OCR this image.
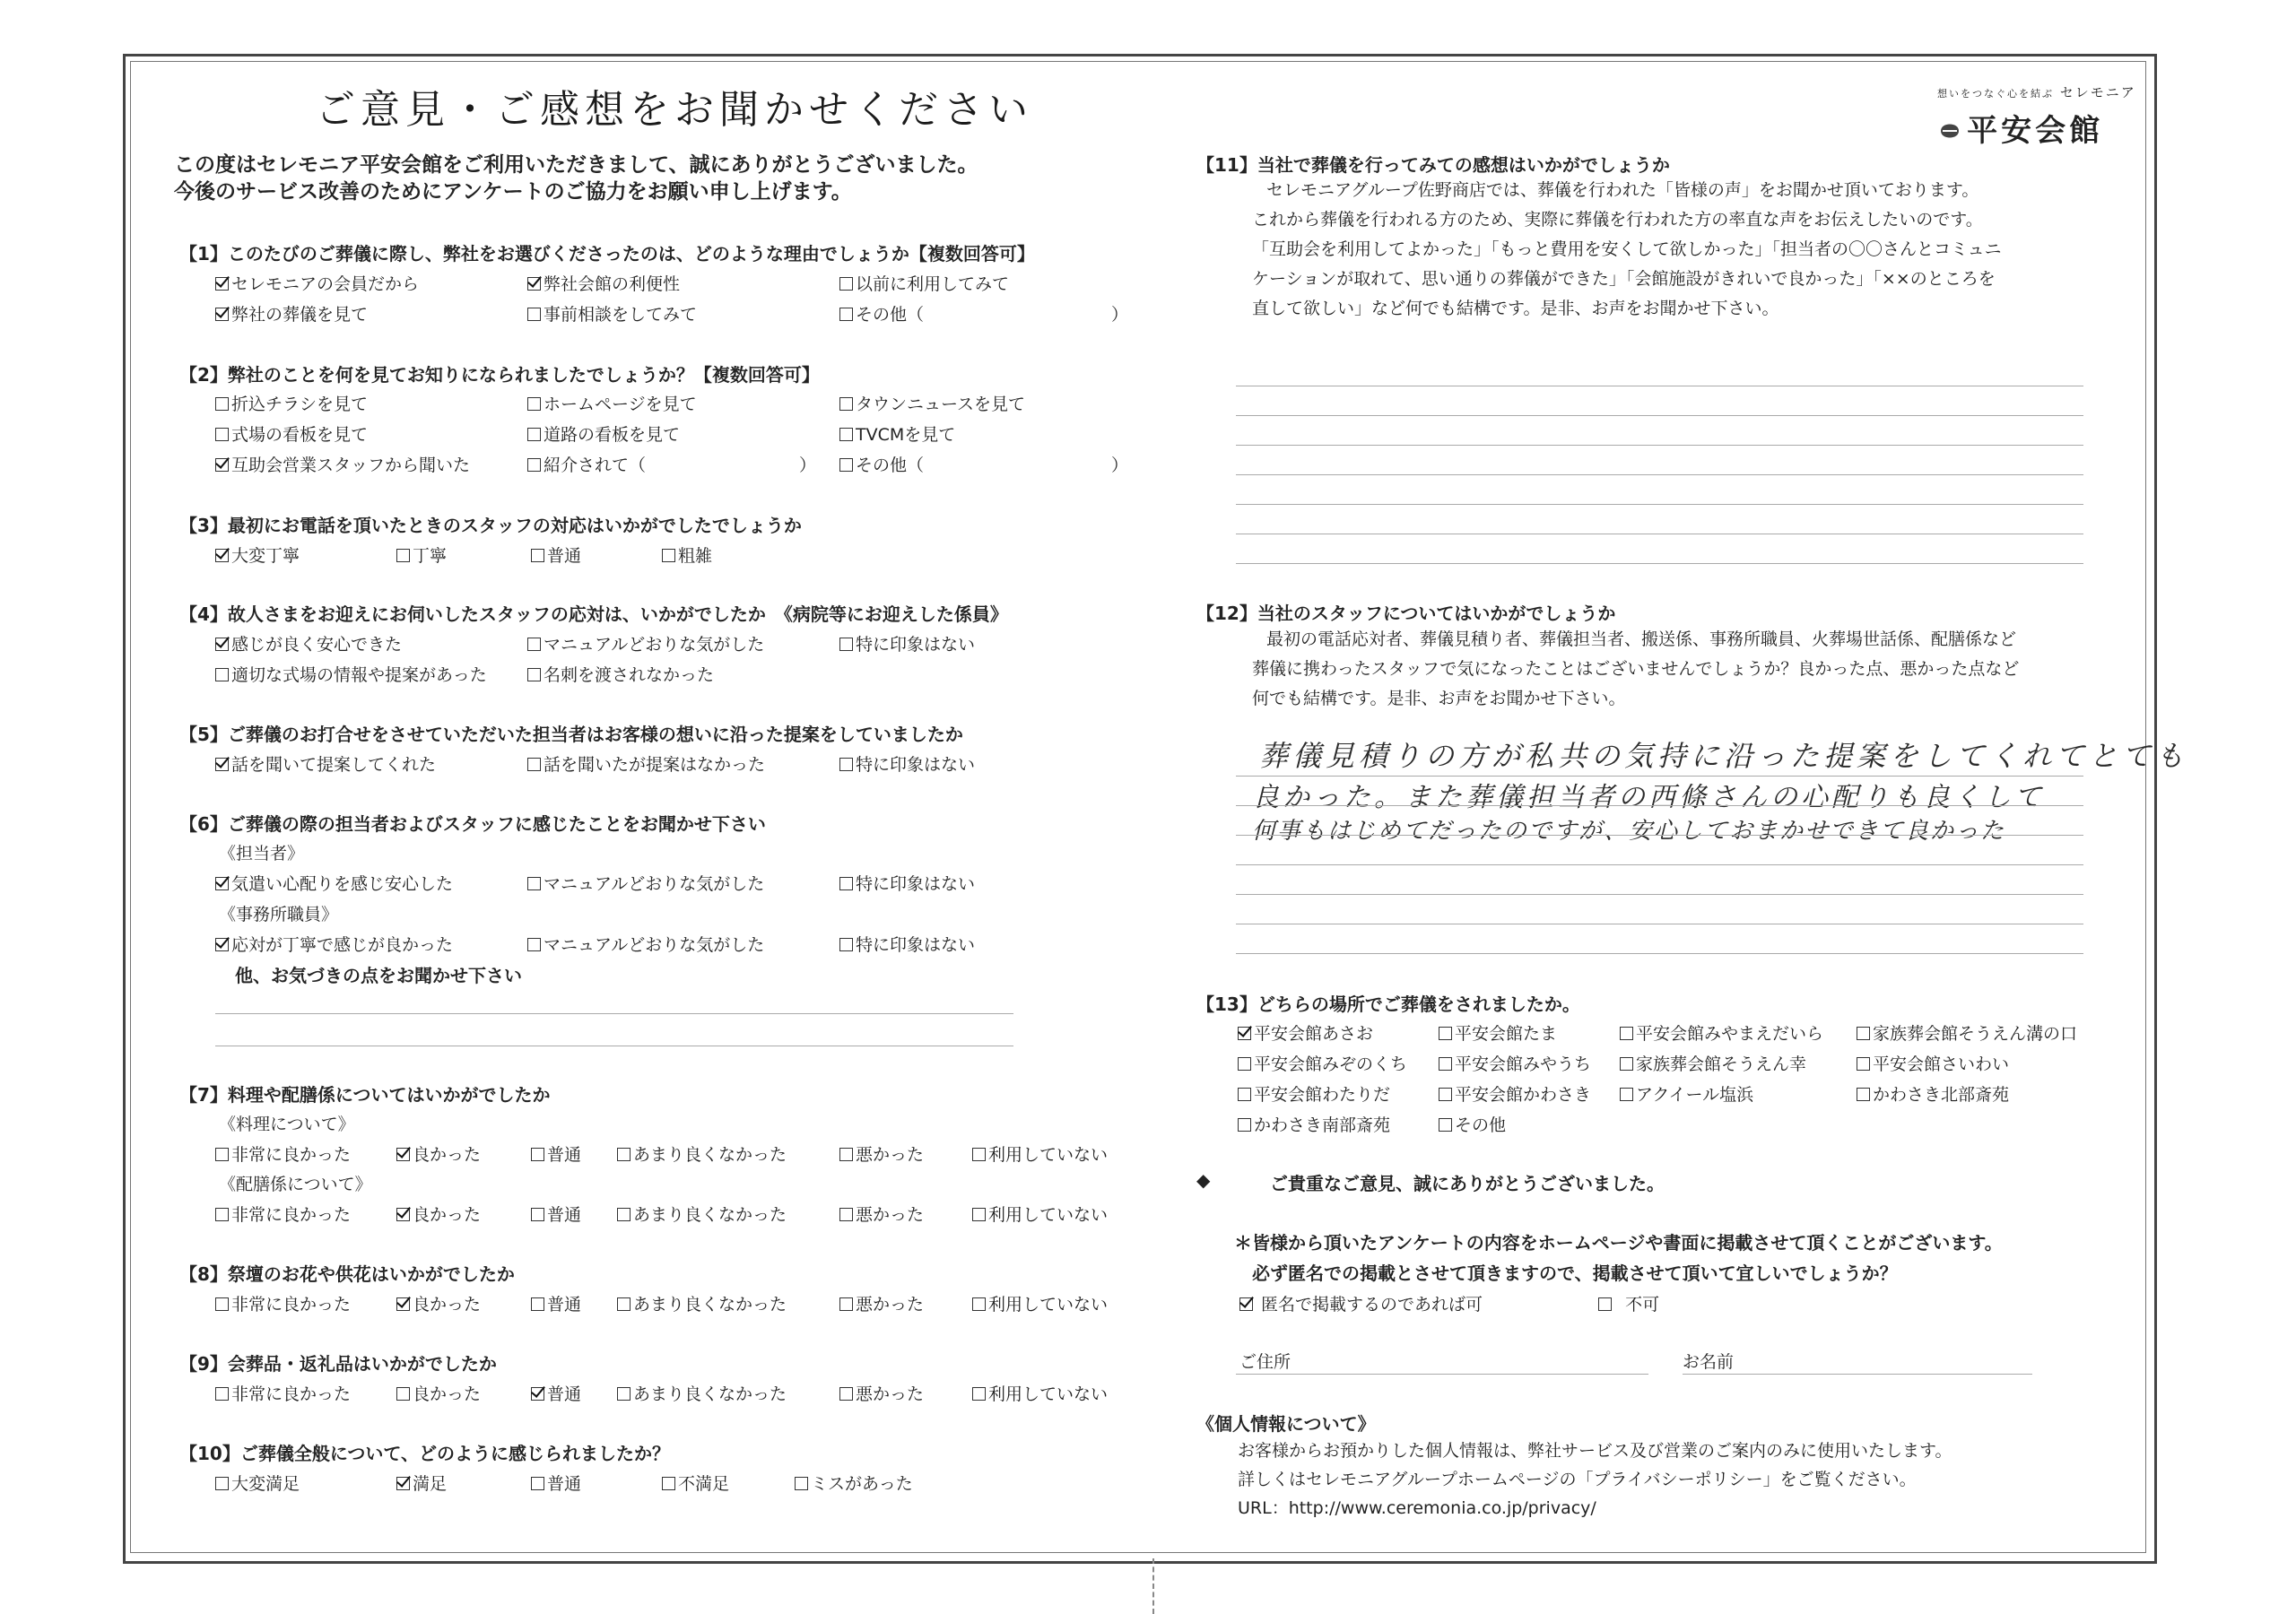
ご意見・ご感想をお聞かせください	想いをつなぐ心を結ぶ セレモニア
平安会館
この度はセレモニア平安会館をご利用いただきまして、誠にありがとうございました。
今後のサービス改善のためにアンケートのご協力をお願い申し上げます。
【1】このたびのご葬儀に際し、弊社をお選びくださったのは、どのような理由でしょうか【複数回答可】
セレモニアの会員だから	弊社会館の利便性	以前に利用してみて
弊社の葬儀を見て	事前相談をしてみて	その他（　　　　　　　　　　　）
【2】弊社のことを何を見てお知りになられましたでしょうか？【複数回答可】
折込チラシを見て	ホームページを見て	タウンニュースを見て
式場の看板を見て	道路の看板を見て	TVCMを見て
互助会営業スタッフから聞いた	紹介されて（　　　　　　　　　）	その他（　　　　　　　　　　　）
【3】最初にお電話を頂いたときのスタッフの対応はいかがでしたでしょうか
大変丁寧	丁寧	普通	粗雑
【4】故人さまをお迎えにお伺いしたスタッフの応対は、いかがでしたか　《病院等にお迎えした係員》
感じが良く安心できた	マニュアルどおりな気がした	特に印象はない
適切な式場の情報や提案があった	名刺を渡されなかった
【5】ご葬儀のお打合せをさせていただいた担当者はお客様の想いに沿った提案をしていましたか
話を聞いて提案してくれた	話を聞いたが提案はなかった	特に印象はない
【6】ご葬儀の際の担当者およびスタッフに感じたことをお聞かせ下さい
《担当者》
気遣い心配りを感じ安心した	マニュアルどおりな気がした	特に印象はない
《事務所職員》
応対が丁寧で感じが良かった	マニュアルどおりな気がした	特に印象はない
他、お気づきの点をお聞かせ下さい
【7】料理や配膳係についてはいかがでしたか
《料理について》
非常に良かった	良かった	普通	あまり良くなかった	悪かった	利用していない
《配膳係について》
非常に良かった	良かった	普通	あまり良くなかった	悪かった	利用していない
【8】祭壇のお花や供花はいかがでしたか
非常に良かった	良かった	普通	あまり良くなかった	悪かった	利用していない
【9】会葬品・返礼品はいかがでしたか
非常に良かった	良かった	普通	あまり良くなかった	悪かった	利用していない
【10】ご葬儀全般について、どのように感じられましたか？
大変満足	満足	普通	不満足	ミスがあった
【11】当社で葬儀を行ってみての感想はいかがでしょうか
セレモニアグループ佐野商店では、葬儀を行われた「皆様の声」をお聞かせ頂いております。
これから葬儀を行われる方のため、実際に葬儀を行われた方の率直な声をお伝えしたいのです。
「互助会を利用してよかった」「もっと費用を安くして欲しかった」「担当者の〇〇さんとコミュニ
ケーションが取れて、思い通りの葬儀ができた」「会館施設がきれいで良かった」「××のところを
直して欲しい」など何でも結構です。是非、お声をお聞かせ下さい。
【12】当社のスタッフについてはいかがでしょうか
最初の電話応対者、葬儀見積り者、葬儀担当者、搬送係、事務所職員、火葬場世話係、配膳係など
葬儀に携わったスタッフで気になったことはございませんでしょうか？良かった点、悪かった点など
何でも結構です。是非、お声をお聞かせ下さい。
葬儀見積りの方が私共の気持に沿った提案をしてくれてとても
良かった。また葬儀担当者の西條さんの心配りも良くして
何事もはじめてだったのですが、安心しておまかせできて良かった
【13】どちらの場所でご葬儀をされましたか。
平安会館あさお	平安会館たま	平安会館みやまえだいら	家族葬会館そうえん溝の口
平安会館みぞのくち	平安会館みやうち	家族葬会館そうえん幸	平安会館さいわい
平安会館わたりだ	平安会館かわさき	アクイール塩浜	かわさき北部斎苑
かわさき南部斎苑	その他
◆	ご貴重なご意見、誠にありがとうございました。
＊ 皆様から頂いたアンケートの内容をホームページや書面に掲載させて頂くことがございます。
必ず匿名での掲載とさせて頂きますので、掲載させて頂いて宜しいでしょうか？
匿名で掲載するのであれば可	不可
ご住所	お名前
《個人情報について》
お客様からお預かりした個人情報は、弊社サービス及び営業のご案内のみに使用いたします。
詳しくはセレモニアグループホームページの「プライバシーポリシー」をご覧ください。
URL：http://www.ceremonia.co.jp/privacy/
